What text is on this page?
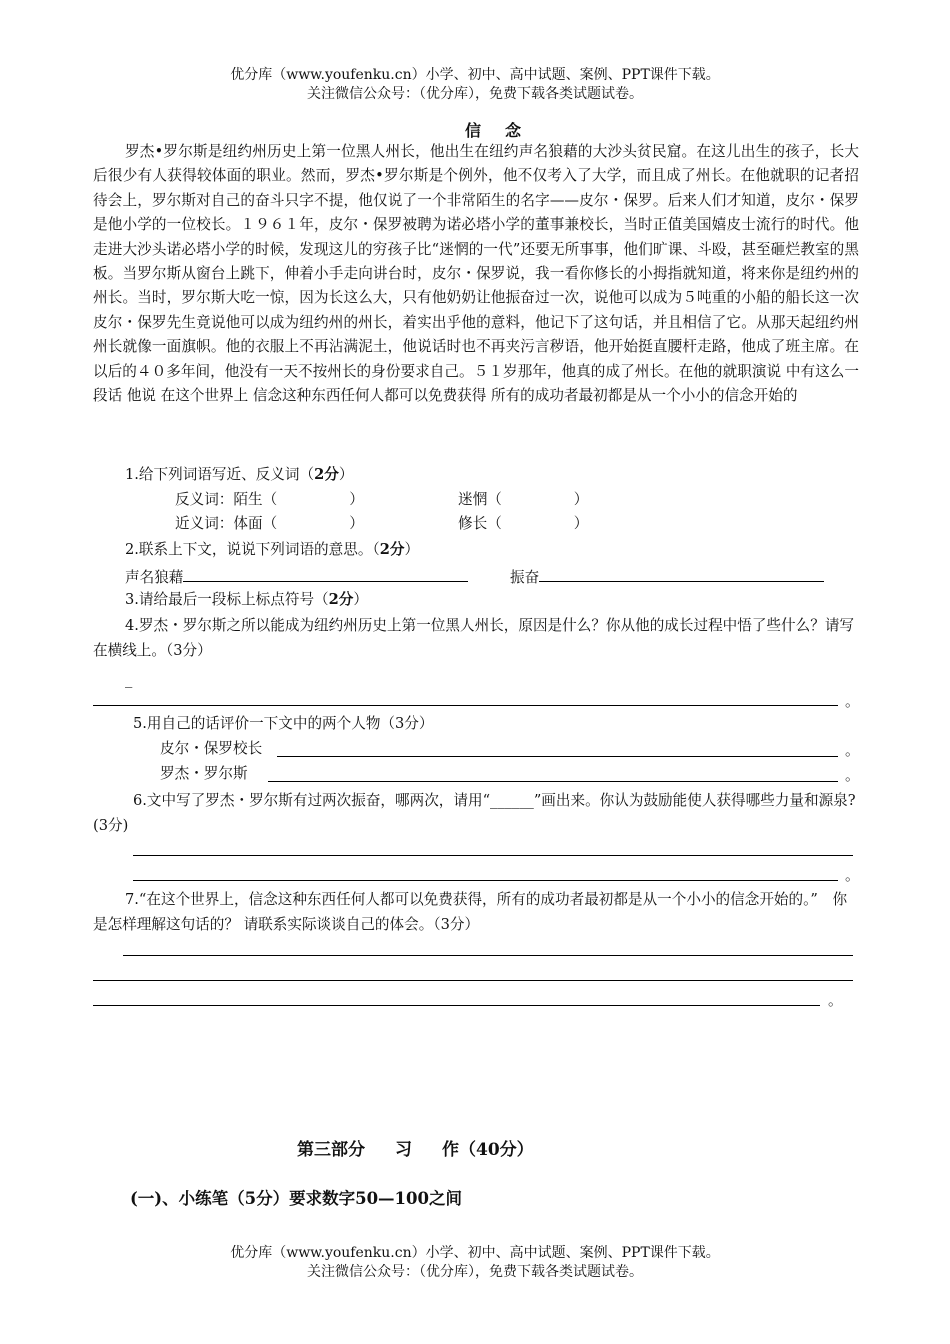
优分库（www.youfenku.cn）小学、初中、高中试题、案例、PPT课件下载。
关注微信公众号：（优分库），免费下载各类试题试卷。
信念

罗杰•罗尔斯是纽约州历史上第一位黑人州长，他出生在纽约声名狼藉的大沙头贫民窟。在这儿出生的孩子，长大后很少有人获得较体面的职业。然而，罗杰•罗尔斯是个例外，他不仅考入了大学，而且成了州长。在他就职的记者招待会上，罗尔斯对自己的奋斗只字不提，他仅说了一个非常陌生的名字——皮尔・保罗。后来人们才知道，皮尔・保罗是他小学的一位校长。１９６１年，皮尔・保罗被聘为诺必塔小学的董事兼校长，当时正值美国嬉皮士流行的时代。他走进大沙头诺必塔小学的时候，发现这儿的穷孩子比“迷惘的一代”还要无所事事，他们旷课、斗殴，甚至砸烂教室的黑板。当罗尔斯从窗台上跳下，伸着小手走向讲台时，皮尔・保罗说，我一看你修长的小拇指就知道，将来你是纽约州的州长。当时，罗尔斯大吃一惊，因为长这么大，只有他奶奶让他振奋过一次，说他可以成为５吨重的小船的船长这一次皮尔・保罗先生竟说他可以成为纽约州的州长，着实出乎他的意料，他记下了这句话，并且相信了它。从那天起纽约州州长就像一面旗帜。他的衣服上不再沾满泥土，他说话时也不再夹污言秽语，他开始挺直腰杆走路，他成了班主席。在以后的４０多年间，他没有一天不按州长的身份要求自己。５１岁那年，他真的成了州长。在他的就职演说 中有这么一段话 他说 在这个世界上 信念这种东西任何人都可以免费获得 所有的成功者最初都是从一个小小的信念开始的

1.给下列词语写近、反义词（2分）
反义词：陌生（	）	迷惘（	）
近义词：体面（	）	修长（	）
2.联系上下文，说说下列词语的意思。（2分）
声名狼藉	振奋
3.请给最后一段标上标点符号（2分）

4.罗杰・罗尔斯之所以能成为纽约州历史上第一位黑人州长，原因是什么？你从他的成长过程中悟了些什么？请写在横线上。（3分）

_
。
5.用自己的话评价一下文中的两个人物（3分）
皮尔・保罗校长	。
罗杰・罗尔斯	。

6.文中写了罗杰・罗尔斯有过两次振奋，哪两次，请用“______”画出来。你认为鼓励能使人获得哪些力量和源泉?(3分)

。

7.“在这个世界上，信念这种东西任何人都可以免费获得，所有的成功者最初都是从一个小小的信念开始的。”　你是怎样理解这句话的？ 请联系实际谈谈自己的体会。（3分）

。
第三部分 习 作（40分）
(一)、小练笔（5分）要求数字50—100之间
优分库（www.youfenku.cn）小学、初中、高中试题、案例、PPT课件下载。
关注微信公众号：（优分库），免费下载各类试题试卷。
